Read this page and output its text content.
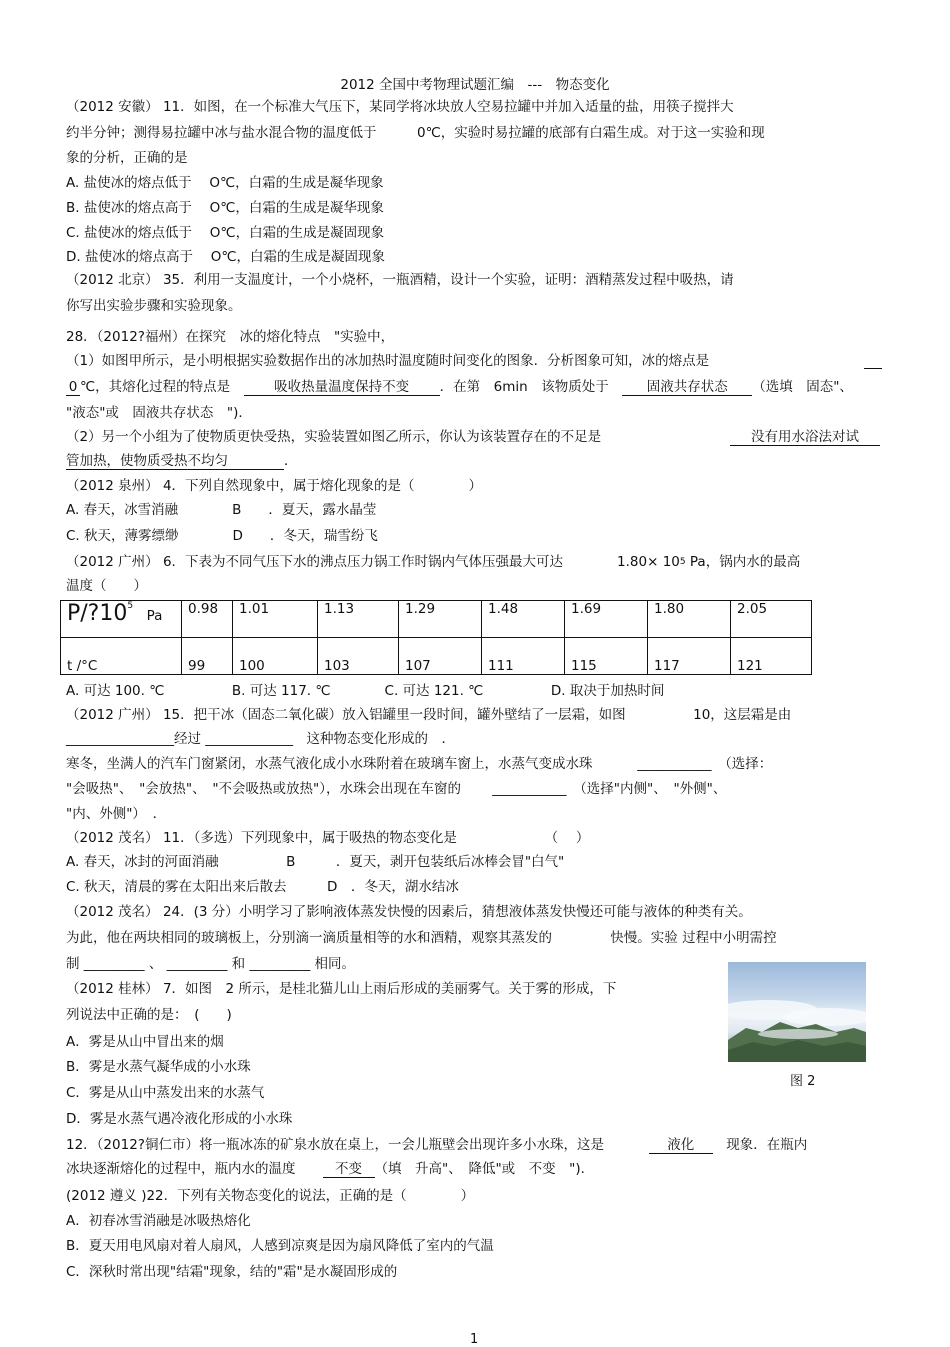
2012 全国中考物理试题汇编　---　物态变化
（2012 安徽） 11．如图，在一个标准大气压下，某同学将冰块放人空易拉罐中并加入适量的盐，用筷子搅拌大
约半分钟；测得易拉罐中冰与盐水混合物的温度低于　　　0℃，实验时易拉罐的底部有白霜生成。对于这一实验和现
象的分析，正确的是
A. 盐使冰的熔点低于　 O℃，白霜的生成是凝华现象
B. 盐使冰的熔点高于　 O℃，白霜的生成是凝华现象
C. 盐使冰的熔点低于　 O℃，白霜的生成是凝固现象
D. 盐使冰的熔点高于　 O℃，白霜的生成是凝固现象
（2012 北京） 35．利用一支温度计，一个小烧杯，一瓶酒精，设计一个实验，证明：酒精蒸发过程中吸热，请
你写出实验步骤和实验现象。
28．（2012?福州）在探究　冰的熔化特点　"实验中，
（1）如图甲所示，是小明根据实验数据作出的冰加热时温度随时间变化的图象．分析图象可知，冰的熔点是
0 ℃，其熔化过程的特点是　吸收热量温度保持不变 ．在第　6min　该物质处于　固液共存状态 （选填　固态"、
"液态"或　固液共存状态　")．
（2）另一个小组为了使物质更快受热，实验装置如图乙所示，你认为该装置存在的不足是	没有用水浴法对试
管加热，使物质受热不均匀	．
（2012 泉州） 4．下列自然现象中，属于熔化现象的是（　　　　）
A. 春天，冰雪消融　　　　B　　．夏天，露水晶莹
C. 秋天，薄雾缥缈　　　　D　　．冬天，瑞雪纷飞
（2012 广州） 6．下表为不同气压下水的沸点压力锅工作时锅内气体压强最大可达　　　　$1.80\times 10^5$ Pa，锅内水的最高
温度（　　）
$P/?10^5$　Pa	0.98	1.01	1.13	1.29	1.48	1.69	1.80	2.05
t /°C	99	100	103	107	111	115	117	121
A. 可达 100. ℃　　　　　B. 可达 117. ℃　　　　C. 可达 121. ℃　　　　　D. 取决于加热时间
（2012 广州） 15．把干冰（固态二氧化碳）放入铝罐里一段时间，罐外壁结了一层霜，如图　　　　　10，这层霜是由
________________经过 _____________　这种物态变化形成的　．
寒冬，坐满人的汽车门窗紧闭，水蒸气液化成小水珠附着在玻璃车窗上，水蒸气变成水珠　　　 ___________　（选择：
"会吸热"、　"会放热"、　"不会吸热或放热"），水珠会出现在车窗的　　 ___________　（选择"内侧"、　"外侧"、
"内、外侧"）　．
（2012 茂名） 11．（多选）下列现象中，属于吸热的物态变化是　　　　　　　（　 ）
A. 春天，冰封的河面消融　　　　　B　　　．夏天，剥开包装纸后冰棒会冒"白气"
C. 秋天，清晨的雾在太阳出来后散去　　　D　．冬天，湖水结冰
（2012 茂名） 24．(3 分）小明学习了影响液体蒸发快慢的因素后，猜想液体蒸发快慢还可能与液体的种类有关。
为此，他在两块相同的玻璃板上，分别滴一滴质量相等的水和酒精，观察其蒸发的　　　　 快慢。实验 过程中小明需控
制 _________ 、 _________ 和 _________ 相同。
（2012 桂林） 7．如图　2 所示，是桂北猫儿山上雨后形成的美丽雾气。关于雾的形成，下
列说法中正确的是：　(　　)
A．雾是从山中冒出来的烟
B．雾是水蒸气凝华成的小水珠
C．雾是从山中蒸发出来的水蒸气
D．雾是水蒸气遇冷液化形成的小水珠
图 2
12．（2012?铜仁市）将一瓶冰冻的矿泉水放在桌上，一会儿瓶壁会出现许多小水珠，这是　　　 液化　现象．在瓶内
冰块逐渐熔化的过程中，瓶内水的温度　　不变 （填　升高"、　降低"或　不变　")．
(2012 遵义 )22．下列有关物态变化的说法，正确的是（　　　　）
A．初春冰雪消融是冰吸热熔化
B．夏天用电风扇对着人扇风，人感到凉爽是因为扇风降低了室内的气温
C．深秋时常出现"结霜"现象，结的"霜"是水凝固形成的
1
